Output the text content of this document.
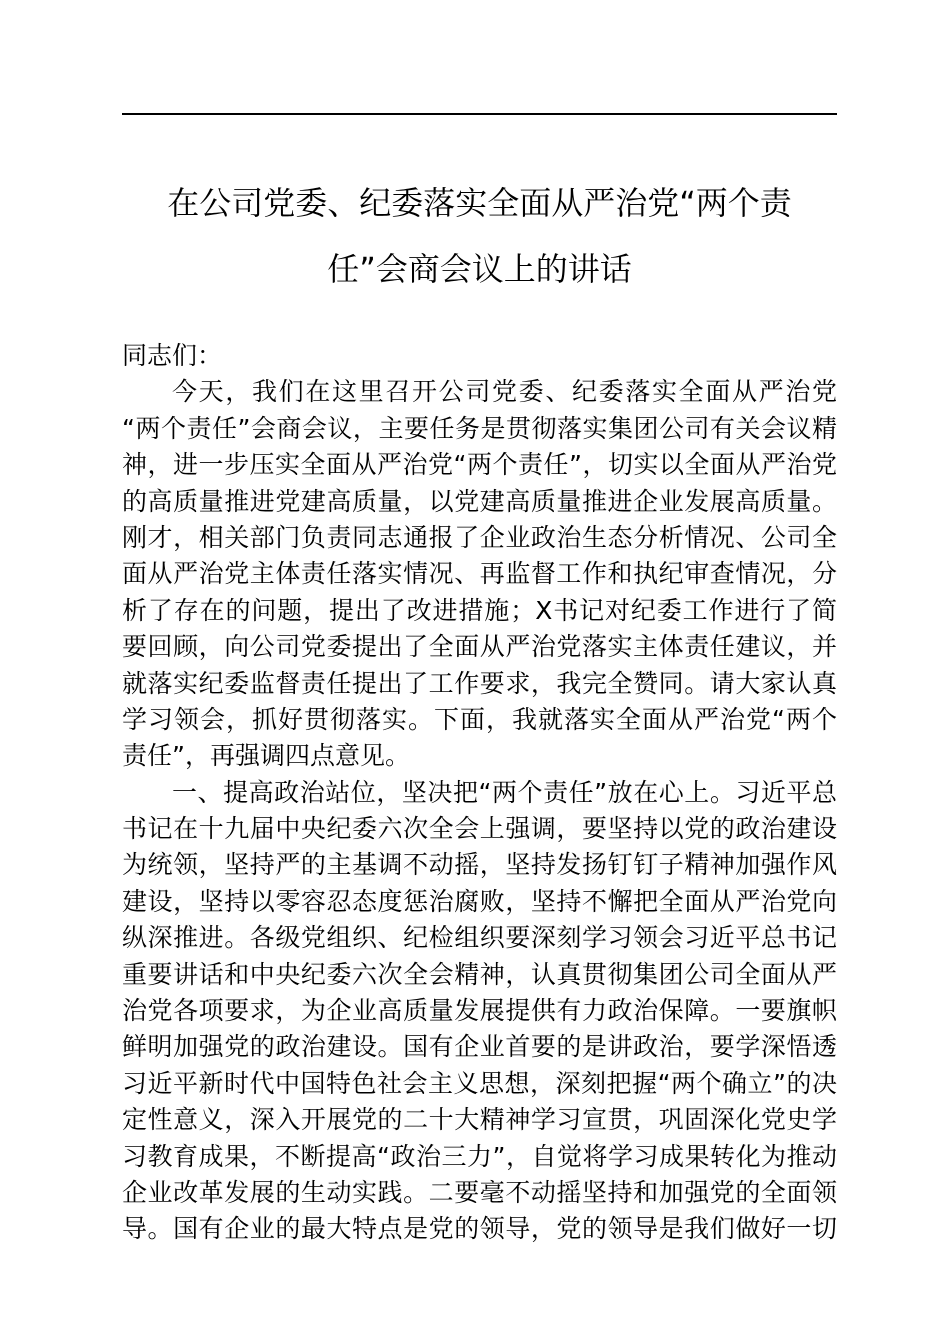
在公司党委、纪委落实全面从严治党“两个责
任”会商会议上的讲话
同志们：
今天，我们在这里召开公司党委、纪委落实全面从严治党
“两个责任”会商会议，主要任务是贯彻落实集团公司有关会议精
神，进一步压实全面从严治党“两个责任”，切实以全面从严治党
的高质量推进党建高质量，以党建高质量推进企业发展高质量。
刚才，相关部门负责同志通报了企业政治生态分析情况、公司全
面从严治党主体责任落实情况、再监督工作和执纪审查情况，分
析了存在的问题，提出了改进措施；X书记对纪委工作进行了简
要回顾，向公司党委提出了全面从严治党落实主体责任建议，并
就落实纪委监督责任提出了工作要求，我完全赞同。请大家认真
学习领会，抓好贯彻落实。下面，我就落实全面从严治党“两个
责任”，再强调四点意见。
一、提高政治站位，坚决把“两个责任”放在心上。习近平总
书记在十九届中央纪委六次全会上强调，要坚持以党的政治建设
为统领，坚持严的主基调不动摇，坚持发扬钉钉子精神加强作风
建设，坚持以零容忍态度惩治腐败，坚持不懈把全面从严治党向
纵深推进。各级党组织、纪检组织要深刻学习领会习近平总书记
重要讲话和中央纪委六次全会精神，认真贯彻集团公司全面从严
治党各项要求，为企业高质量发展提供有力政治保障。一要旗帜
鲜明加强党的政治建设。国有企业首要的是讲政治，要学深悟透
习近平新时代中国特色社会主义思想，深刻把握“两个确立”的决
定性意义，深入开展党的二十大精神学习宣贯，巩固深化党史学
习教育成果，不断提高“政治三力”，自觉将学习成果转化为推动
企业改革发展的生动实践。二要毫不动摇坚持和加强党的全面领
导。国有企业的最大特点是党的领导，党的领导是我们做好一切
